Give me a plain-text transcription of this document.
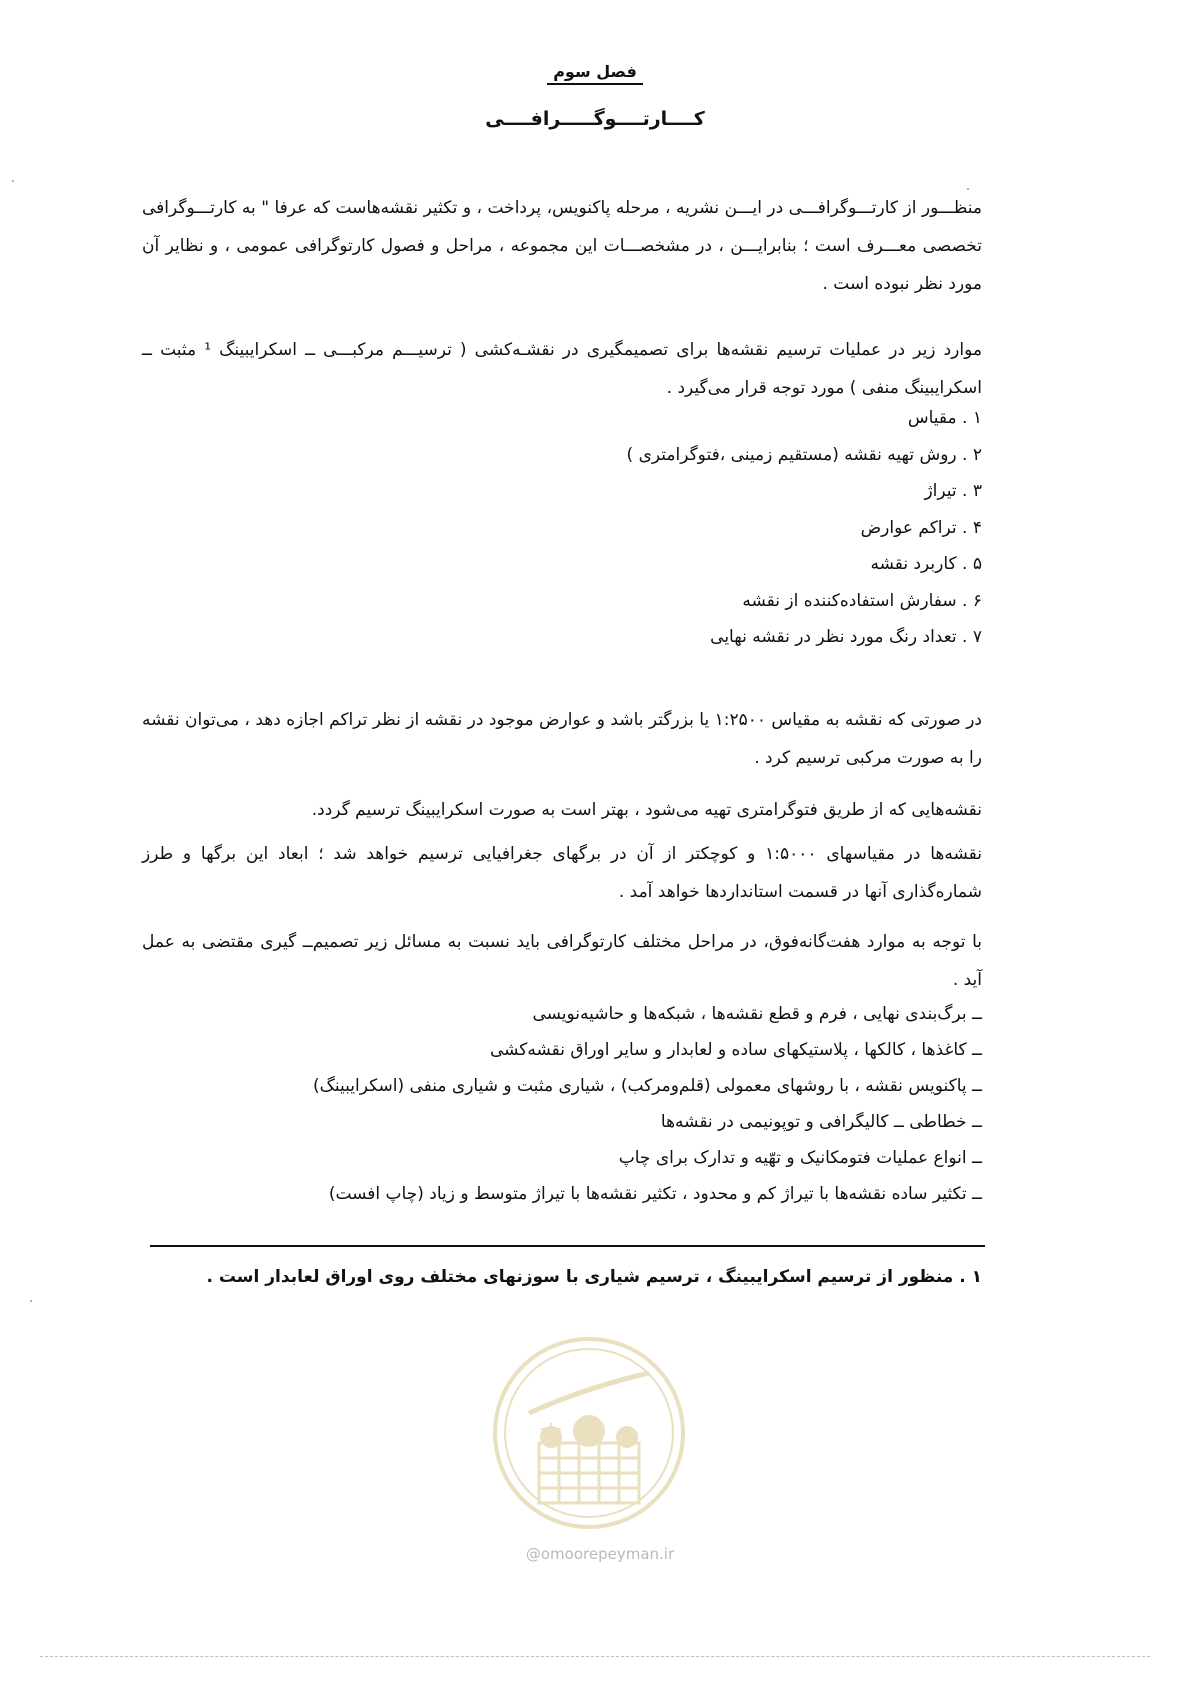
فصل سوم
کــــارتــــوگـــــرافــــی

منظـــور از کارتـــوگرافـــی در ایـــن نشریه ، مرحله پاکنویس، پرداخت ، و تکثیر نقشه‌هاست که عرفا " به کارتـــوگرافی تخصصی معـــرف است ؛ بنابرایـــن ، در مشخصـــات این مجموعه ، مراحل و فصول کارتوگرافی عمومی ، و نظایر آن مورد نظر نبوده است .

موارد زیر در عملیات ترسیم نقشه‌ها برای تصمیمگیری در نقشـه‌کشی ( ترسیـــم مرکبـــی ــ اسکرایبینگ ¹ مثبت ــ اسکرایبینگ منفی ) مورد توجه قرار می‌گیرد .

۱ . مقیاس
۲ . روش تهیه نقشه (مستقیم زمینی ،فتوگرامتری )
۳ . تیراژ
۴ . تراکم عوارض
۵ . کاربرد نقشه
۶ . سفارش استفاده‌کننده از نقشه
۷ . تعداد رنگ مورد نظر در نقشه نهایی

در صورتی که نقشه به مقیاس ۱:۲۵۰۰ یا بزرگتر باشد و عوارض موجود در نقشه از نظر تراکم اجازه دهد ، می‌توان نقشه را به صورت مرکبی ترسیم کرد .

نقشه‌هایی که از طریق فتوگرامتری تهیه می‌شود ، بهتر است به صورت اسکرایبینگ ترسیم گردد.

نقشه‌ها در مقیاسهای ۱:۵۰۰۰ و کوچکتر از آن در برگهای جغرافیایی ترسیم خواهد شد ؛ ابعاد این برگها و طرز شماره‌گذاری آنها در قسمت استانداردها خواهد آمد .

با توجه به موارد هفت‌گانه‌فوق، در مراحل مختلف کارتوگرافی باید نسبت به مسائل زیر تصمیم‌ــ گیری مقتضی به عمل آید .

ــ برگ‌بندی نهایی ، فرم و قطع نقشه‌ها ، شبکه‌ها و حاشیه‌نویسی
ــ کاغذها ، کالکها ، پلاستیکهای ساده و لعابدار و سایر اوراق نقشه‌کشی
ــ پاکنویس نقشه ، با روشهای معمولی (قلم‌ومرکب) ، شیاری مثبت و شیاری منفی (اسکرایبینگ)
ــ خطاطی ــ کالیگرافی و توپونیمی در نقشه‌ها
ــ انواع عملیات فتومکانیک و تهّیه و تدارک برای چاپ
ــ تکثیر ساده نقشه‌ها با تیراژ کم و محدود ، تکثیر نقشه‌ها با تیراژ متوسط و زیاد (چاپ افست)
۱ . منظور از ترسیم اسکرایبینگ ، ترسیم شیاری با سوزنهای مختلف روی اوراق لعابدار است .
@omoorepeyman.ir
